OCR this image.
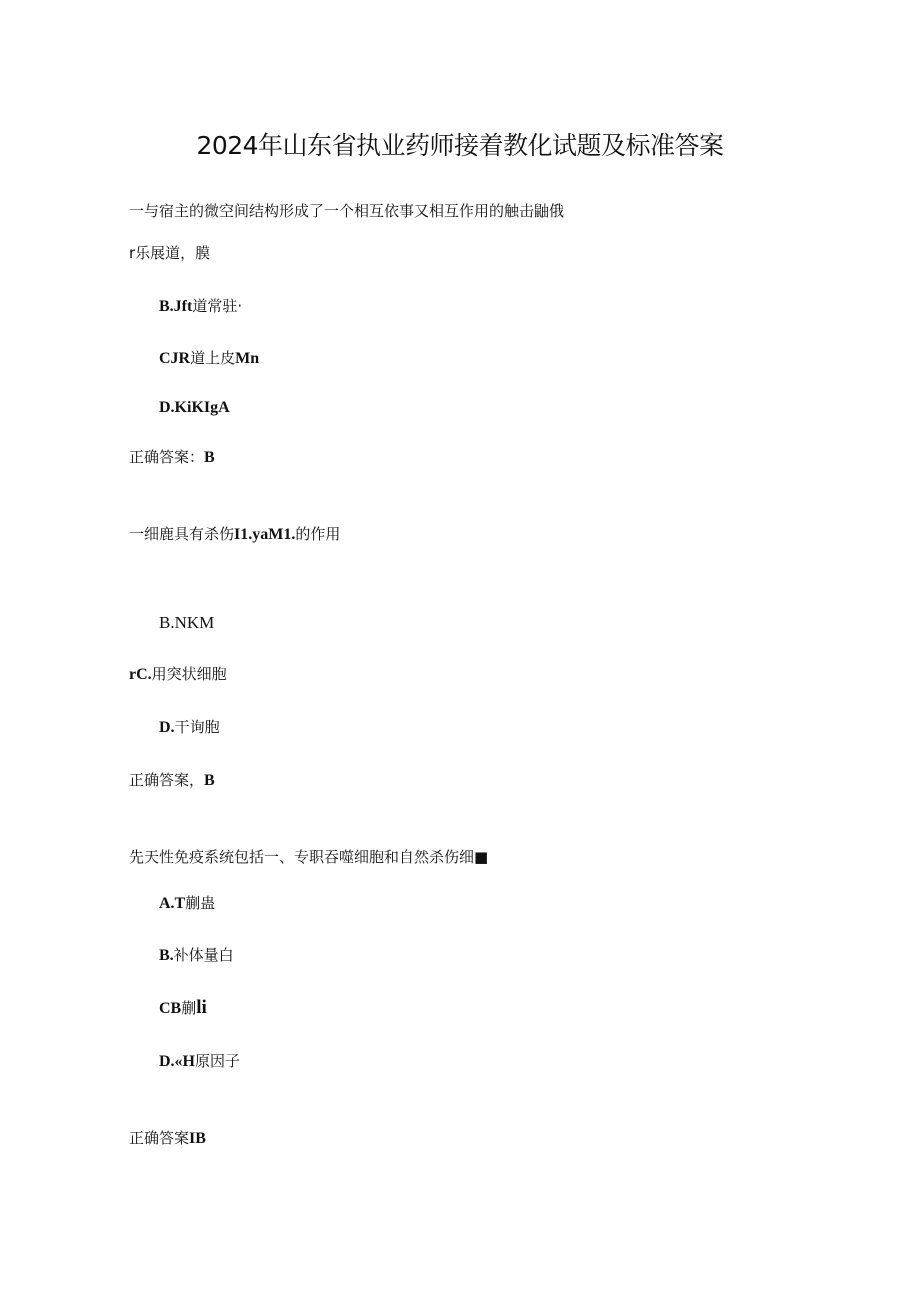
2024年山东省执业药师接着教化试题及标准答案
一与宿主的微空间结构形成了一个相互依事又相互作用的触击鼬俄
r乐展道，膜
B.Jft道常驻·
CJR道上皮Mn
D.KiKIgA
正确答案：B
一细鹿具有杀伤I1.yaM1.的作用
B.NKM
rC.用突状细胞
D.干询胞
正确答案，B
先天性免疫系统包括一、专职吞噬细胞和自然杀伤细■
A.T蒯蛊
B.补体量白
CB蒯li
D.«H原因子
正确答案IB
